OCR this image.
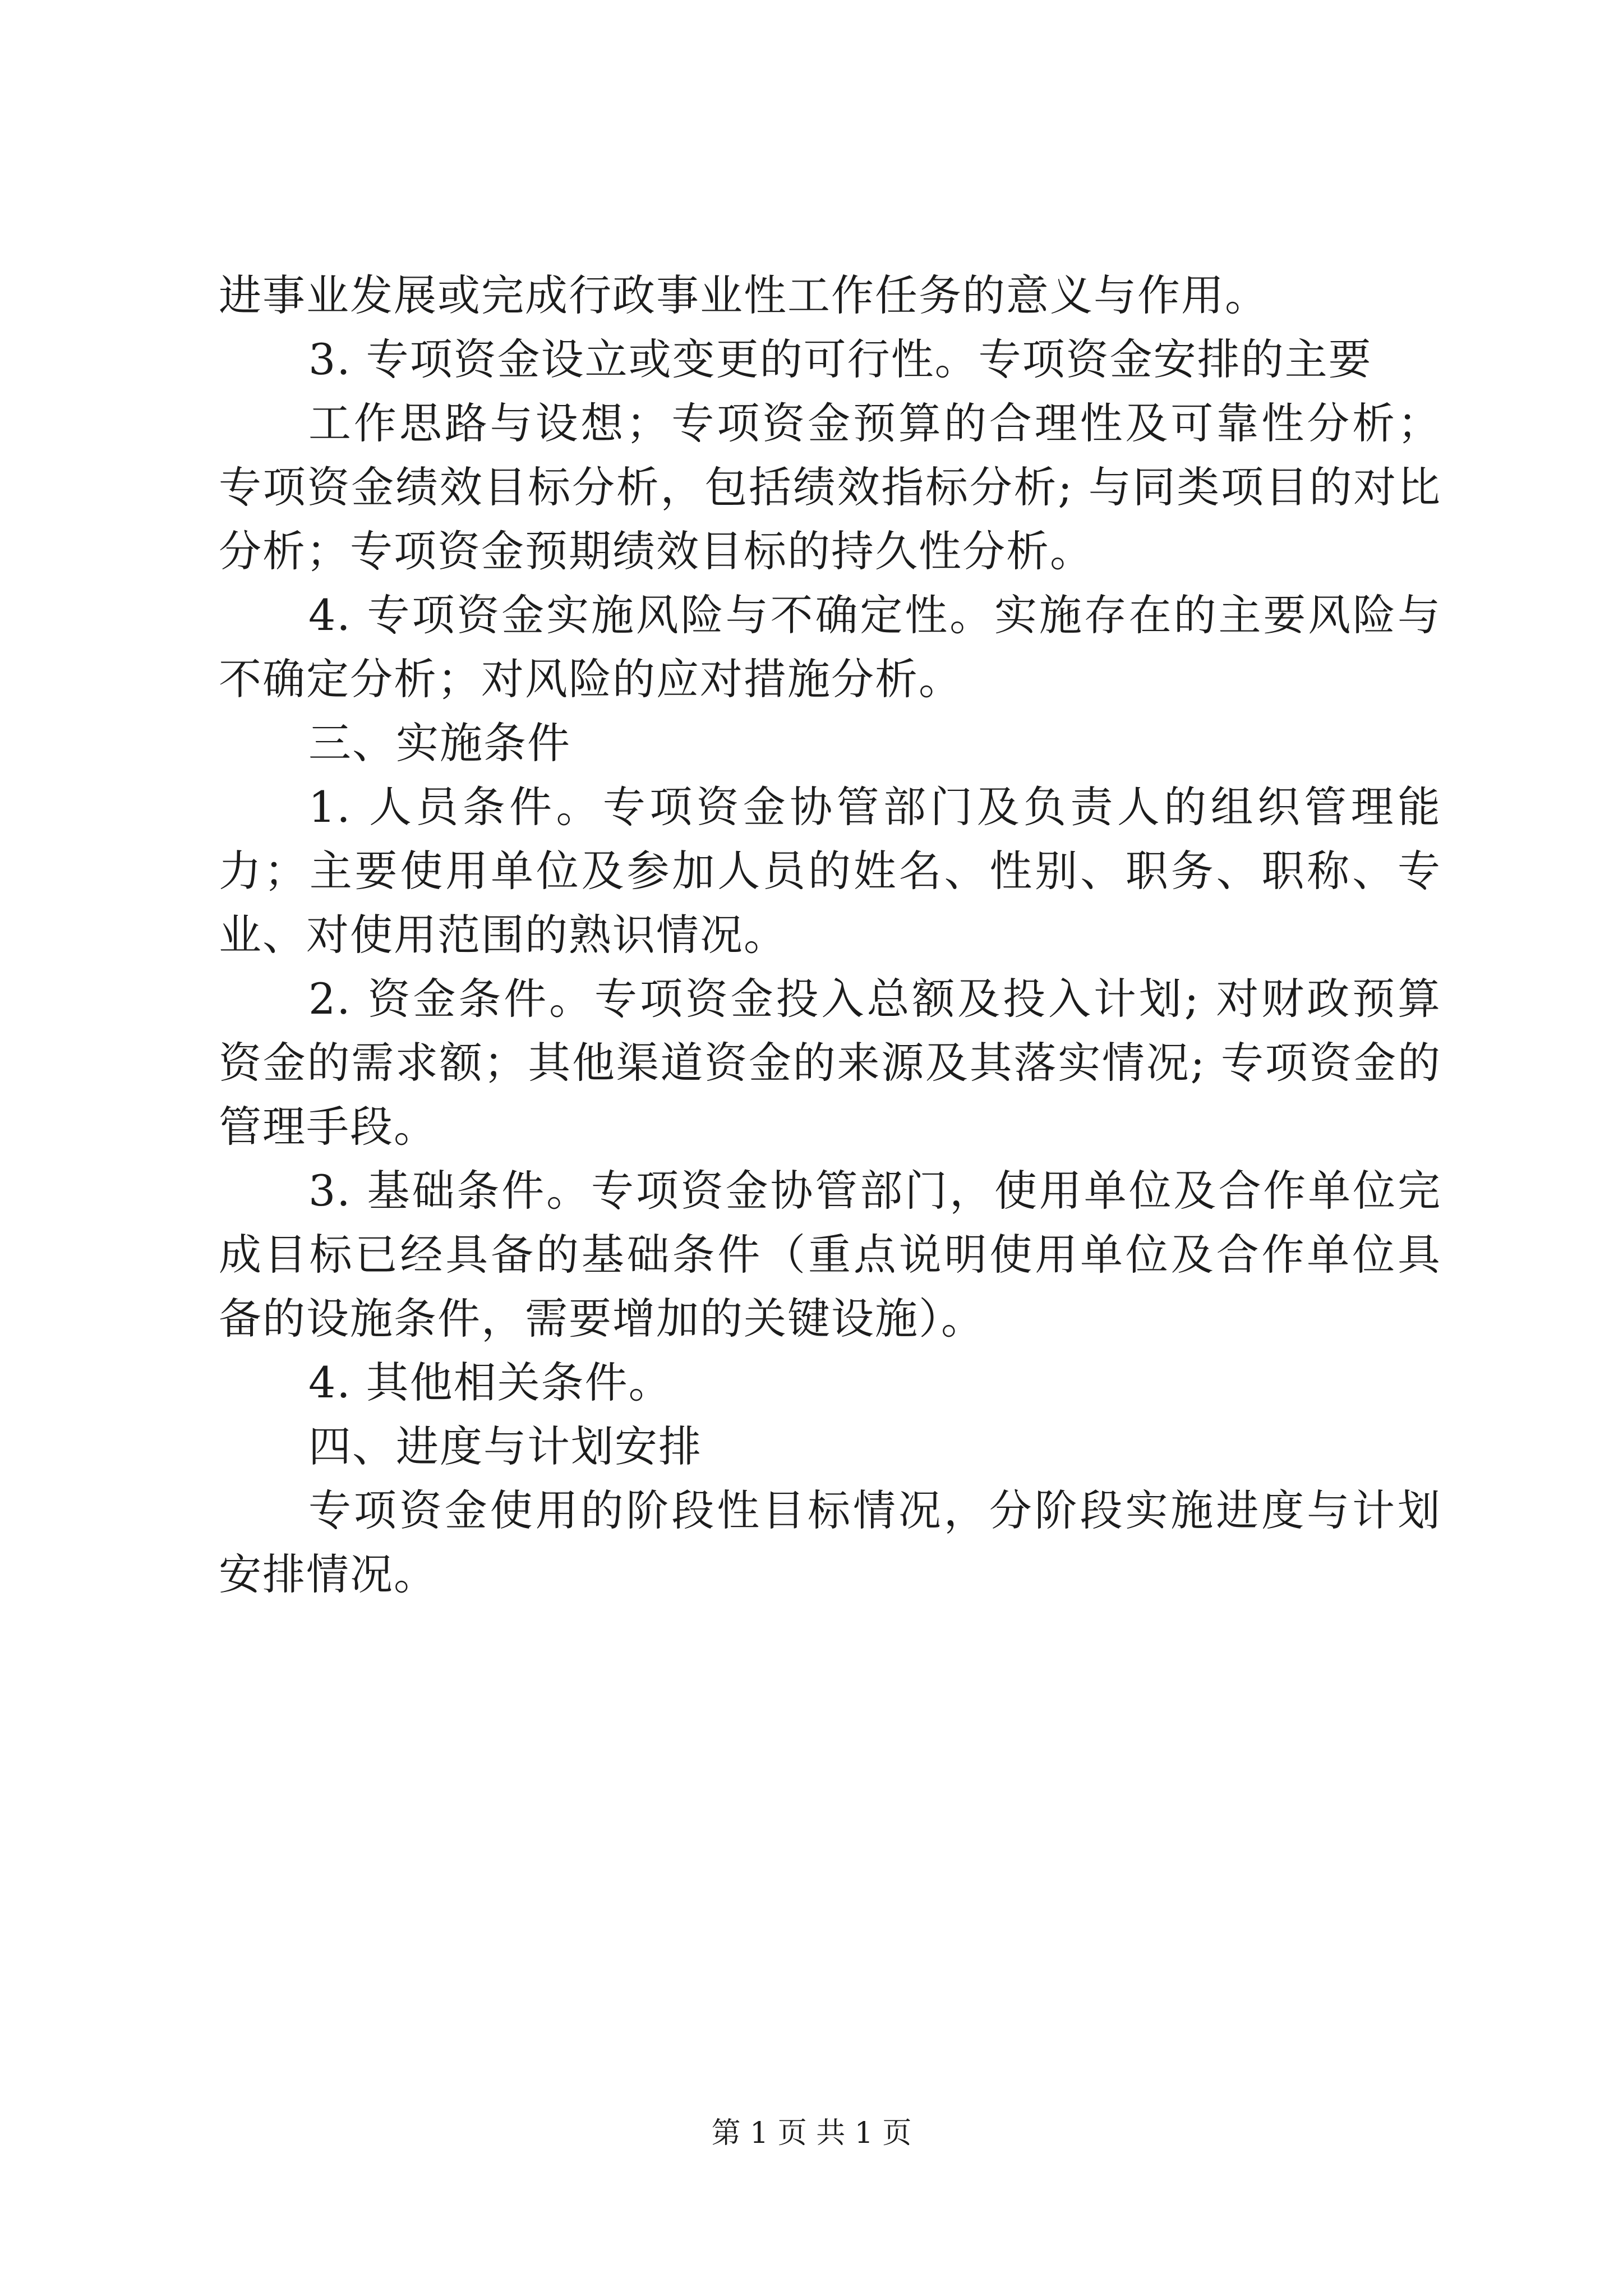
进事业发展或完成行政事业性工作任务的意义与作用。

3. 专项资金设立或变更的可行性。专项资金安排的主要

工作思路与设想；专项资金预算的合理性及可靠性分析；专项资金绩效目标分析，包括绩效指标分析; 与同类项目的对比分析；专项资金预期绩效目标的持久性分析。

4. 专项资金实施风险与不确定性。实施存在的主要风险与不确定分析；对风险的应对措施分析。

三、实施条件

1. 人员条件。专项资金协管部门及负责人的组织管理能力；主要使用单位及参加人员的姓名、性别、职务、职称、专业、对使用范围的熟识情况。

2. 资金条件。专项资金投入总额及投入计划; 对财政预算资金的需求额；其他渠道资金的来源及其落实情况; 专项资金的管理手段。

3. 基础条件。专项资金协管部门，使用单位及合作单位完成目标已经具备的基础条件（重点说明使用单位及合作单位具备的设施条件，需要增加的关键设施）。

4. 其他相关条件。

四、进度与计划安排

专项资金使用的阶段性目标情况，分阶段实施进度与计划安排情况。

第 1 页 共 1 页
